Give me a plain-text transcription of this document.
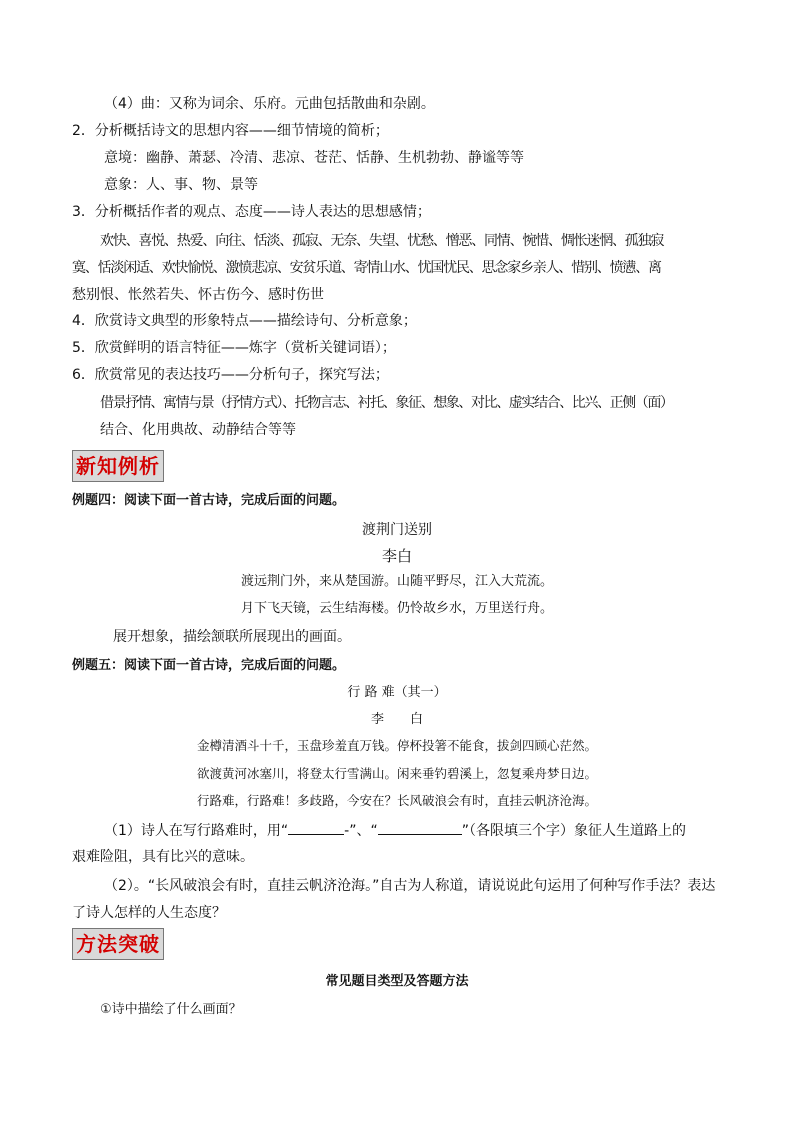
（4）曲：又称为词余、乐府。元曲包括散曲和杂剧。
2．分析概括诗文的思想内容——细节情境的简析；
意境：幽静、萧瑟、冷清、悲凉、苍茫、恬静、生机勃勃、静谧等等
意象：人、事、物、景等
3．分析概括作者的观点、态度——诗人表达的思想感情；
欢快、喜悦、热爱、向往、恬淡、孤寂、无奈、失望、忧愁、憎恶、同情、惋惜、惆怅迷惘、孤独寂
寞、恬淡闲适、欢快愉悦、激愤悲凉、安贫乐道、寄情山水、忧国忧民、思念家乡亲人、惜别、愤懑、离
愁别恨、怅然若失、怀古伤今、感时伤世
4．欣赏诗文典型的形象特点——描绘诗句、分析意象；
5．欣赏鲜明的语言特征——炼字（赏析关键词语）；
6．欣赏常见的表达技巧——分析句子，探究写法；
借景抒情、寓情与景（抒情方式）、托物言志、衬托、象征、想象、对比、虚实结合、比兴、正侧（面）
结合、化用典故、动静结合等等
新知例析
例题四：阅读下面一首古诗，完成后面的问题。
渡荆门送别
李白
渡远荆门外，来从楚国游。山随平野尽，江入大荒流。
月下飞天镜，云生结海楼。仍怜故乡水，万里送行舟。
展开想象，描绘颔联所展现出的画面。
例题五：阅读下面一首古诗，完成后面的问题。
行 路 难（其一）
李　　白
金樽清酒斗十千，玉盘珍羞直万钱。停杯投箸不能食，拔剑四顾心茫然。
欲渡黄河冰塞川，将登太行雪满山。闲来垂钓碧溪上，忽复乘舟梦日边。
行路难，行路难！多歧路，今安在？长风破浪会有时，直挂云帆济沧海。
（1）诗人在写行路难时，用“	-”、“	”（各限填三个字）象征人生道路上的
艰难险阻，具有比兴的意味。
（2）。“长风破浪会有时，直挂云帆济沧海。”自古为人称道，请说说此句运用了何种写作手法？表达
了诗人怎样的人生态度？
方法突破
常见题目类型及答题方法
①诗中描绘了什么画面？
